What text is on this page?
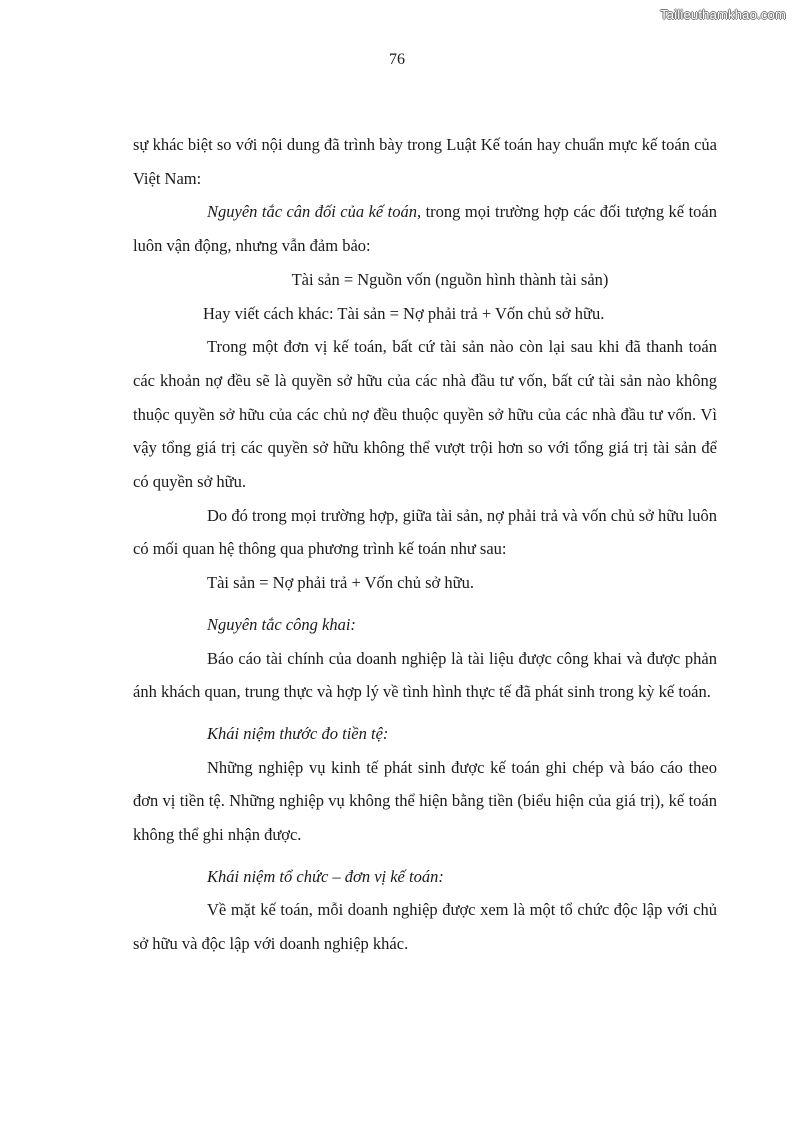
Tailieuthamkhao.com
76

sự khác biệt so với nội dung đã trình bày trong Luật Kế toán hay chuẩn mực kế toán của Việt Nam:

Nguyên tắc cân đối của kế toán, trong mọi trường hợp các đối tượng kế toán luôn vận động, nhưng vẫn đảm bảo:

Tài sản = Nguồn vốn (nguồn hình thành tài sản)

Hay viết cách khác: Tài sản = Nợ phải trả + Vốn chủ sở hữu.

Trong một đơn vị kế toán, bất cứ tài sản nào còn lại sau khi đã thanh toán các khoản nợ đều sẽ là quyền sở hữu của các nhà đầu tư vốn, bất cứ tài sản nào không thuộc quyền sở hữu của các chủ nợ đều thuộc quyền sở hữu của các nhà đầu tư vốn. Vì vậy tổng giá trị các quyền sở hữu không thể vượt trội hơn so với tổng giá trị tài sản để có quyền sở hữu.

Do đó trong mọi trường hợp, giữa tài sản, nợ phải trả và vốn chủ sở hữu luôn có mối quan hệ thông qua phương trình kế toán như sau:

Tài sản = Nợ phải trả + Vốn chủ sở hữu.

Nguyên tắc công khai:

Báo cáo tài chính của doanh nghiệp là tài liệu được công khai và được phản ánh khách quan, trung thực và hợp lý về tình hình thực tế đã phát sinh trong kỳ kế toán.

Khái niệm thước đo tiền tệ:

Những nghiệp vụ kinh tế phát sinh được kế toán ghi chép và báo cáo theo đơn vị tiền tệ. Những nghiệp vụ không thể hiện bằng tiền (biểu hiện của giá trị), kế toán không thể ghi nhận được.

Khái niệm tổ chức – đơn vị kế toán:

Về mặt kế toán, mỗi doanh nghiệp được xem là một tổ chức độc lập với chủ sở hữu và độc lập với doanh nghiệp khác.
